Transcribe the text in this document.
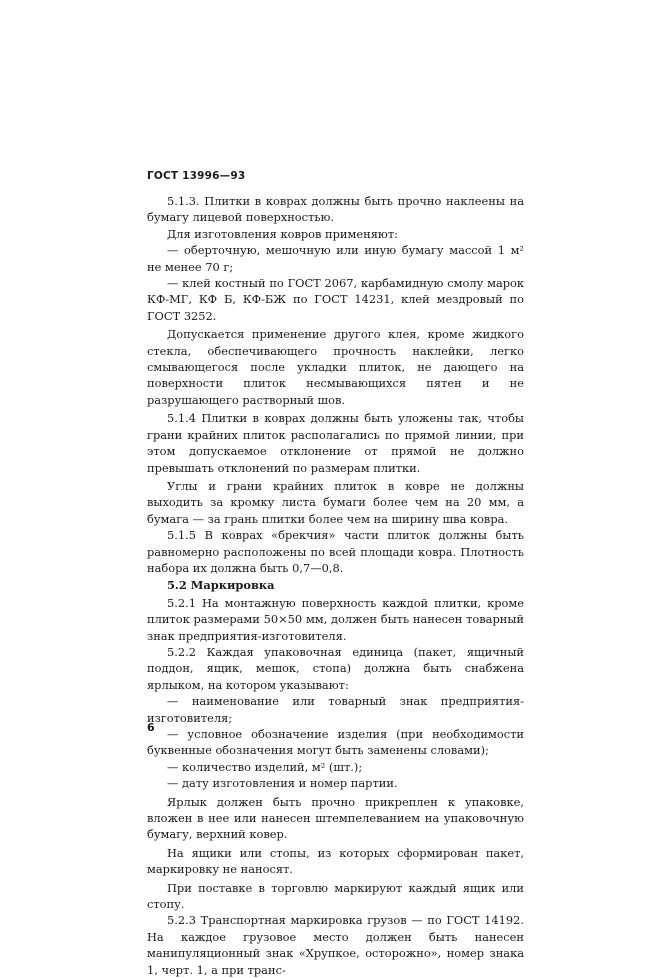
ГОСТ 13996—93

5.1.3. Плитки в коврах должны быть прочно наклеены на бумагу лицевой поверхностью.

Для изготовления ковров применяют:

— оберточную, мешочную или иную бумагу массой 1 м² не менее 70 г;

— клей костный по ГОСТ 2067, карбамидную смолу марок КФ-МГ, КФ Б, КФ-БЖ по ГОСТ 14231, клей мездровый по ГОСТ 3252.

Допускается применение другого клея, кроме жидкого стекла, обеспечивающего прочность наклейки, легко смывающегося после укладки плиток, не дающего на поверхности плиток несмывающихся пятен и не разрушающего растворный шов.

5.1.4 Плитки в коврах должны быть уложены так, чтобы грани крайних плиток располагались по прямой линии, при этом допускаемое отклонение от прямой не должно превышать отклонений по размерам плитки.

Углы и грани крайних плиток в ковре не должны выходить за кромку листа бумаги более чем на 20 мм, а бумага — за грань плитки более чем на ширину шва ковра.

5.1.5 В коврах «брекчия» части плиток должны быть равномерно расположены по всей площади ковра. Плотность набора их должна быть 0,7—0,8.

5.2 Маркировка

5.2.1 На монтажную поверхность каждой плитки, кроме плиток размерами 50×50 мм, должен быть нанесен товарный знак предприятия-изготовителя.

5.2.2 Каждая упаковочная единица (пакет, ящичный поддон, ящик, мешок, стопа) должна быть снабжена ярлыком, на котором указывают:

— наименование или товарный знак предприятия-изготовителя;

— условное обозначение изделия (при необходимости буквенные обозначения могут быть заменены словами);

— количество изделий, м² (шт.);

— дату изготовления и номер партии.

Ярлык должен быть прочно прикреплен к упаковке, вложен в нее или нанесен штемпелеванием на упаковочную бумагу, верхний ковер.

На ящики или стопы, из которых сформирован пакет, маркировку не наносят.

При поставке в торговлю маркируют каждый ящик или стопу.

5.2.3 Транспортная маркировка грузов — по ГОСТ 14192. На каждое грузовое место должен быть нанесен манипуляционный знак «Хрупкое, осторожно», номер знака 1, черт. 1, а при транс-

6
